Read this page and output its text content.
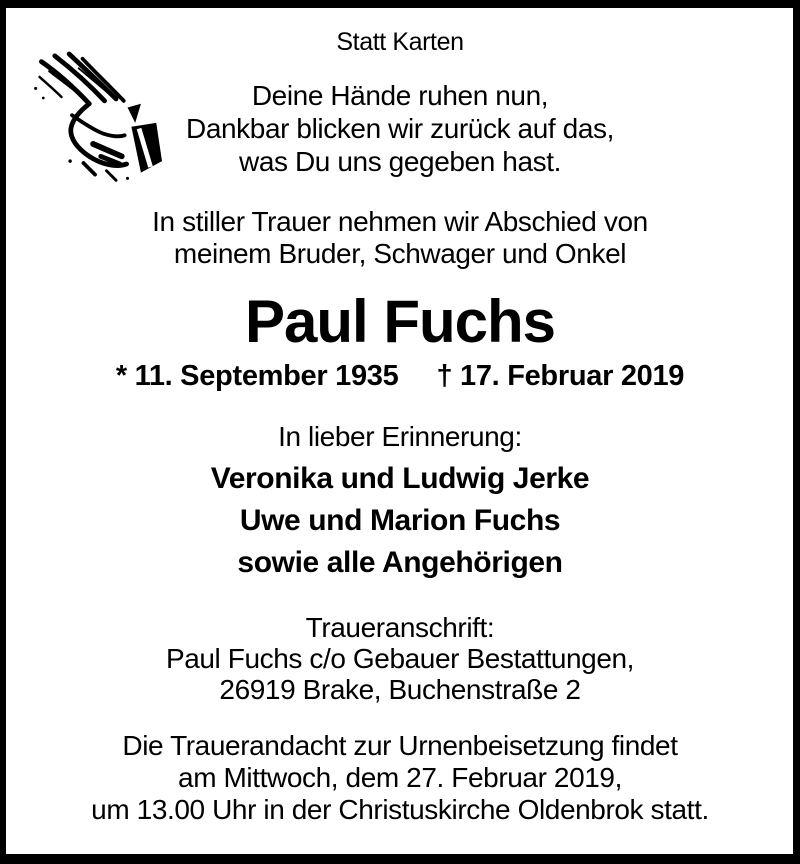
Statt Karten
Deine Hände ruhen nun,
Dankbar blicken wir zurück auf das,
was Du uns gegeben hast.
In stiller Trauer nehmen wir Abschied von
meinem Bruder, Schwager und Onkel
Paul Fuchs
* 11. September 1935 † 17. Februar 2019
In lieber Erinnerung:
Veronika und Ludwig Jerke
Uwe und Marion Fuchs
sowie alle Angehörigen
Traueranschrift:
Paul Fuchs c/o Gebauer Bestattungen,
26919 Brake, Buchenstraße 2
Die Trauerandacht zur Urnenbeisetzung findet
am Mittwoch, dem 27. Februar 2019,
um 13.00 Uhr in der Christuskirche Oldenbrok statt.
